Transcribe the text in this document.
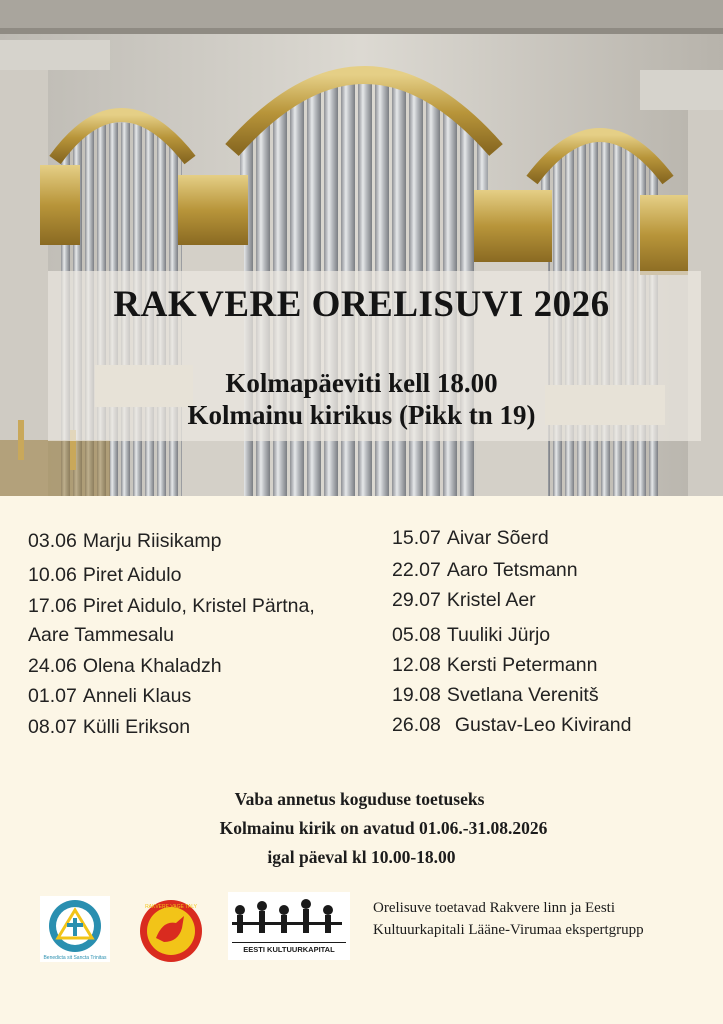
RAKVERE ORELISUVI 2026
Kolmapäeviti kell 18.00
Kolmainu kirikus (Pikk tn 19)
03.06 Marju Riisikamp
10.06 Piret Aidulo
17.06 Piret Aidulo, Kristel Pärtna,
Aare Tammesalu
24.06 Olena Khaladzh
01.07 Anneli Klaus
08.07 Külli Erikson
15.07 Aivar Sõerd
22.07 Aaro Tetsmann
29.07 Kristel Aer
05.08 Tuuliki Jürjo
12.08 Kersti Petermann
19.08 Svetlana Verenitš
26.08 Gustav-Leo Kivirand
Vaba annetus koguduse toetuseks
Kolmainu kirik on avatud 01.06.-31.08.2026
igal päeval kl 10.00-18.00
Benedicta sit Sancta Trinitas
RAKVERE VAGE TALY
EESTI KULTUURKAPITAL
Orelisuve toetavad Rakvere linn ja Eesti
Kultuurkapitali Lääne-Virumaa ekspertgrupp
